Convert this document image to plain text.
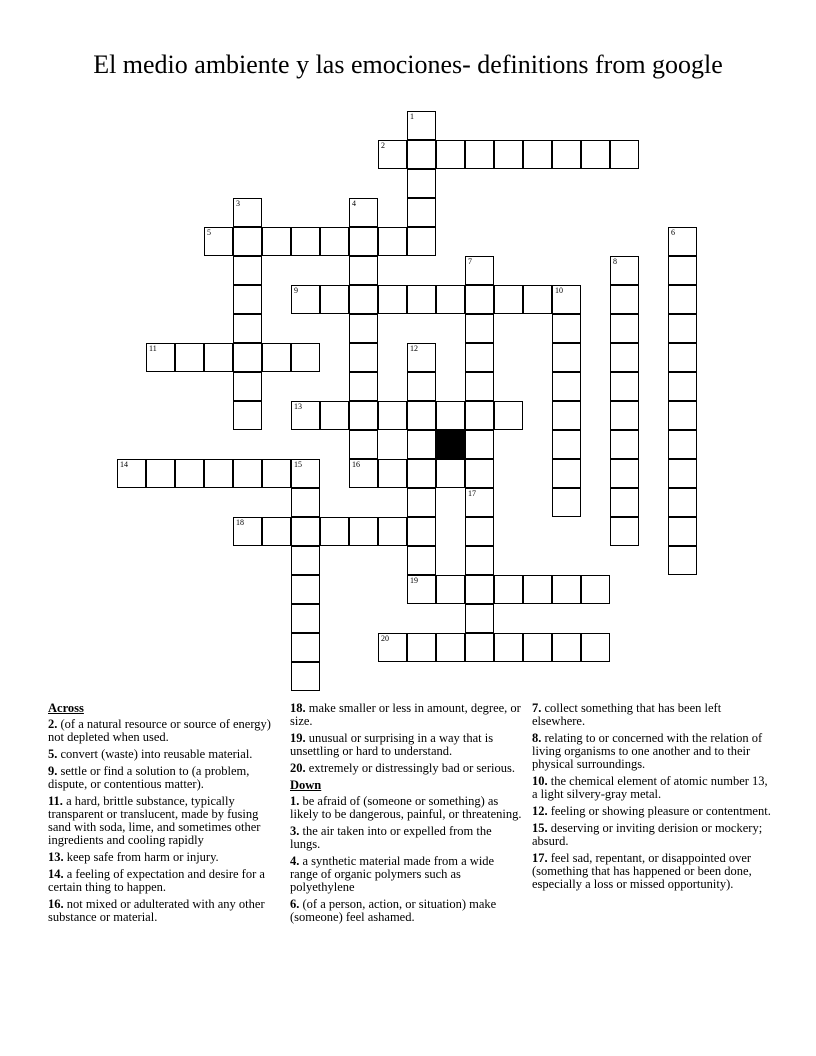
El medio ambiente y las emociones- definitions from google
1
2
3	4
16
5	6
7
17
8
9	10
11	12
19
13
14	15
18
20
Across
2. (of a natural resource or source of energy) not depleted when used.
5. convert (waste) into reusable material.
9. settle or find a solution to (a problem, dispute, or contentious matter).
11. a hard, brittle substance, typically transparent or translucent, made by fusing sand with soda, lime, and sometimes other ingredients and cooling rapidly
13. keep safe from harm or injury.
14. a feeling of expectation and desire for a certain thing to happen.
16. not mixed or adulterated with any other substance or material.
18. make smaller or less in amount, degree, or size.
19. unusual or surprising in a way that is unsettling or hard to understand.
20. extremely or distressingly bad or serious.
Down
1. be afraid of (someone or something) as likely to be dangerous, painful, or threatening.
3. the air taken into or expelled from the lungs.
4. a synthetic material made from a wide range of organic polymers such as polyethylene
6. (of a person, action, or situation) make (someone) feel ashamed.
7. collect something that has been left elsewhere.
8. relating to or concerned with the relation of living organisms to one another and to their physical surroundings.
10. the chemical element of atomic number 13, a light silvery-gray metal.
12. feeling or showing pleasure or contentment.
15. deserving or inviting derision or mockery; absurd.
17. feel sad, repentant, or disappointed over (something that has happened or been done, especially a loss or missed opportunity).
